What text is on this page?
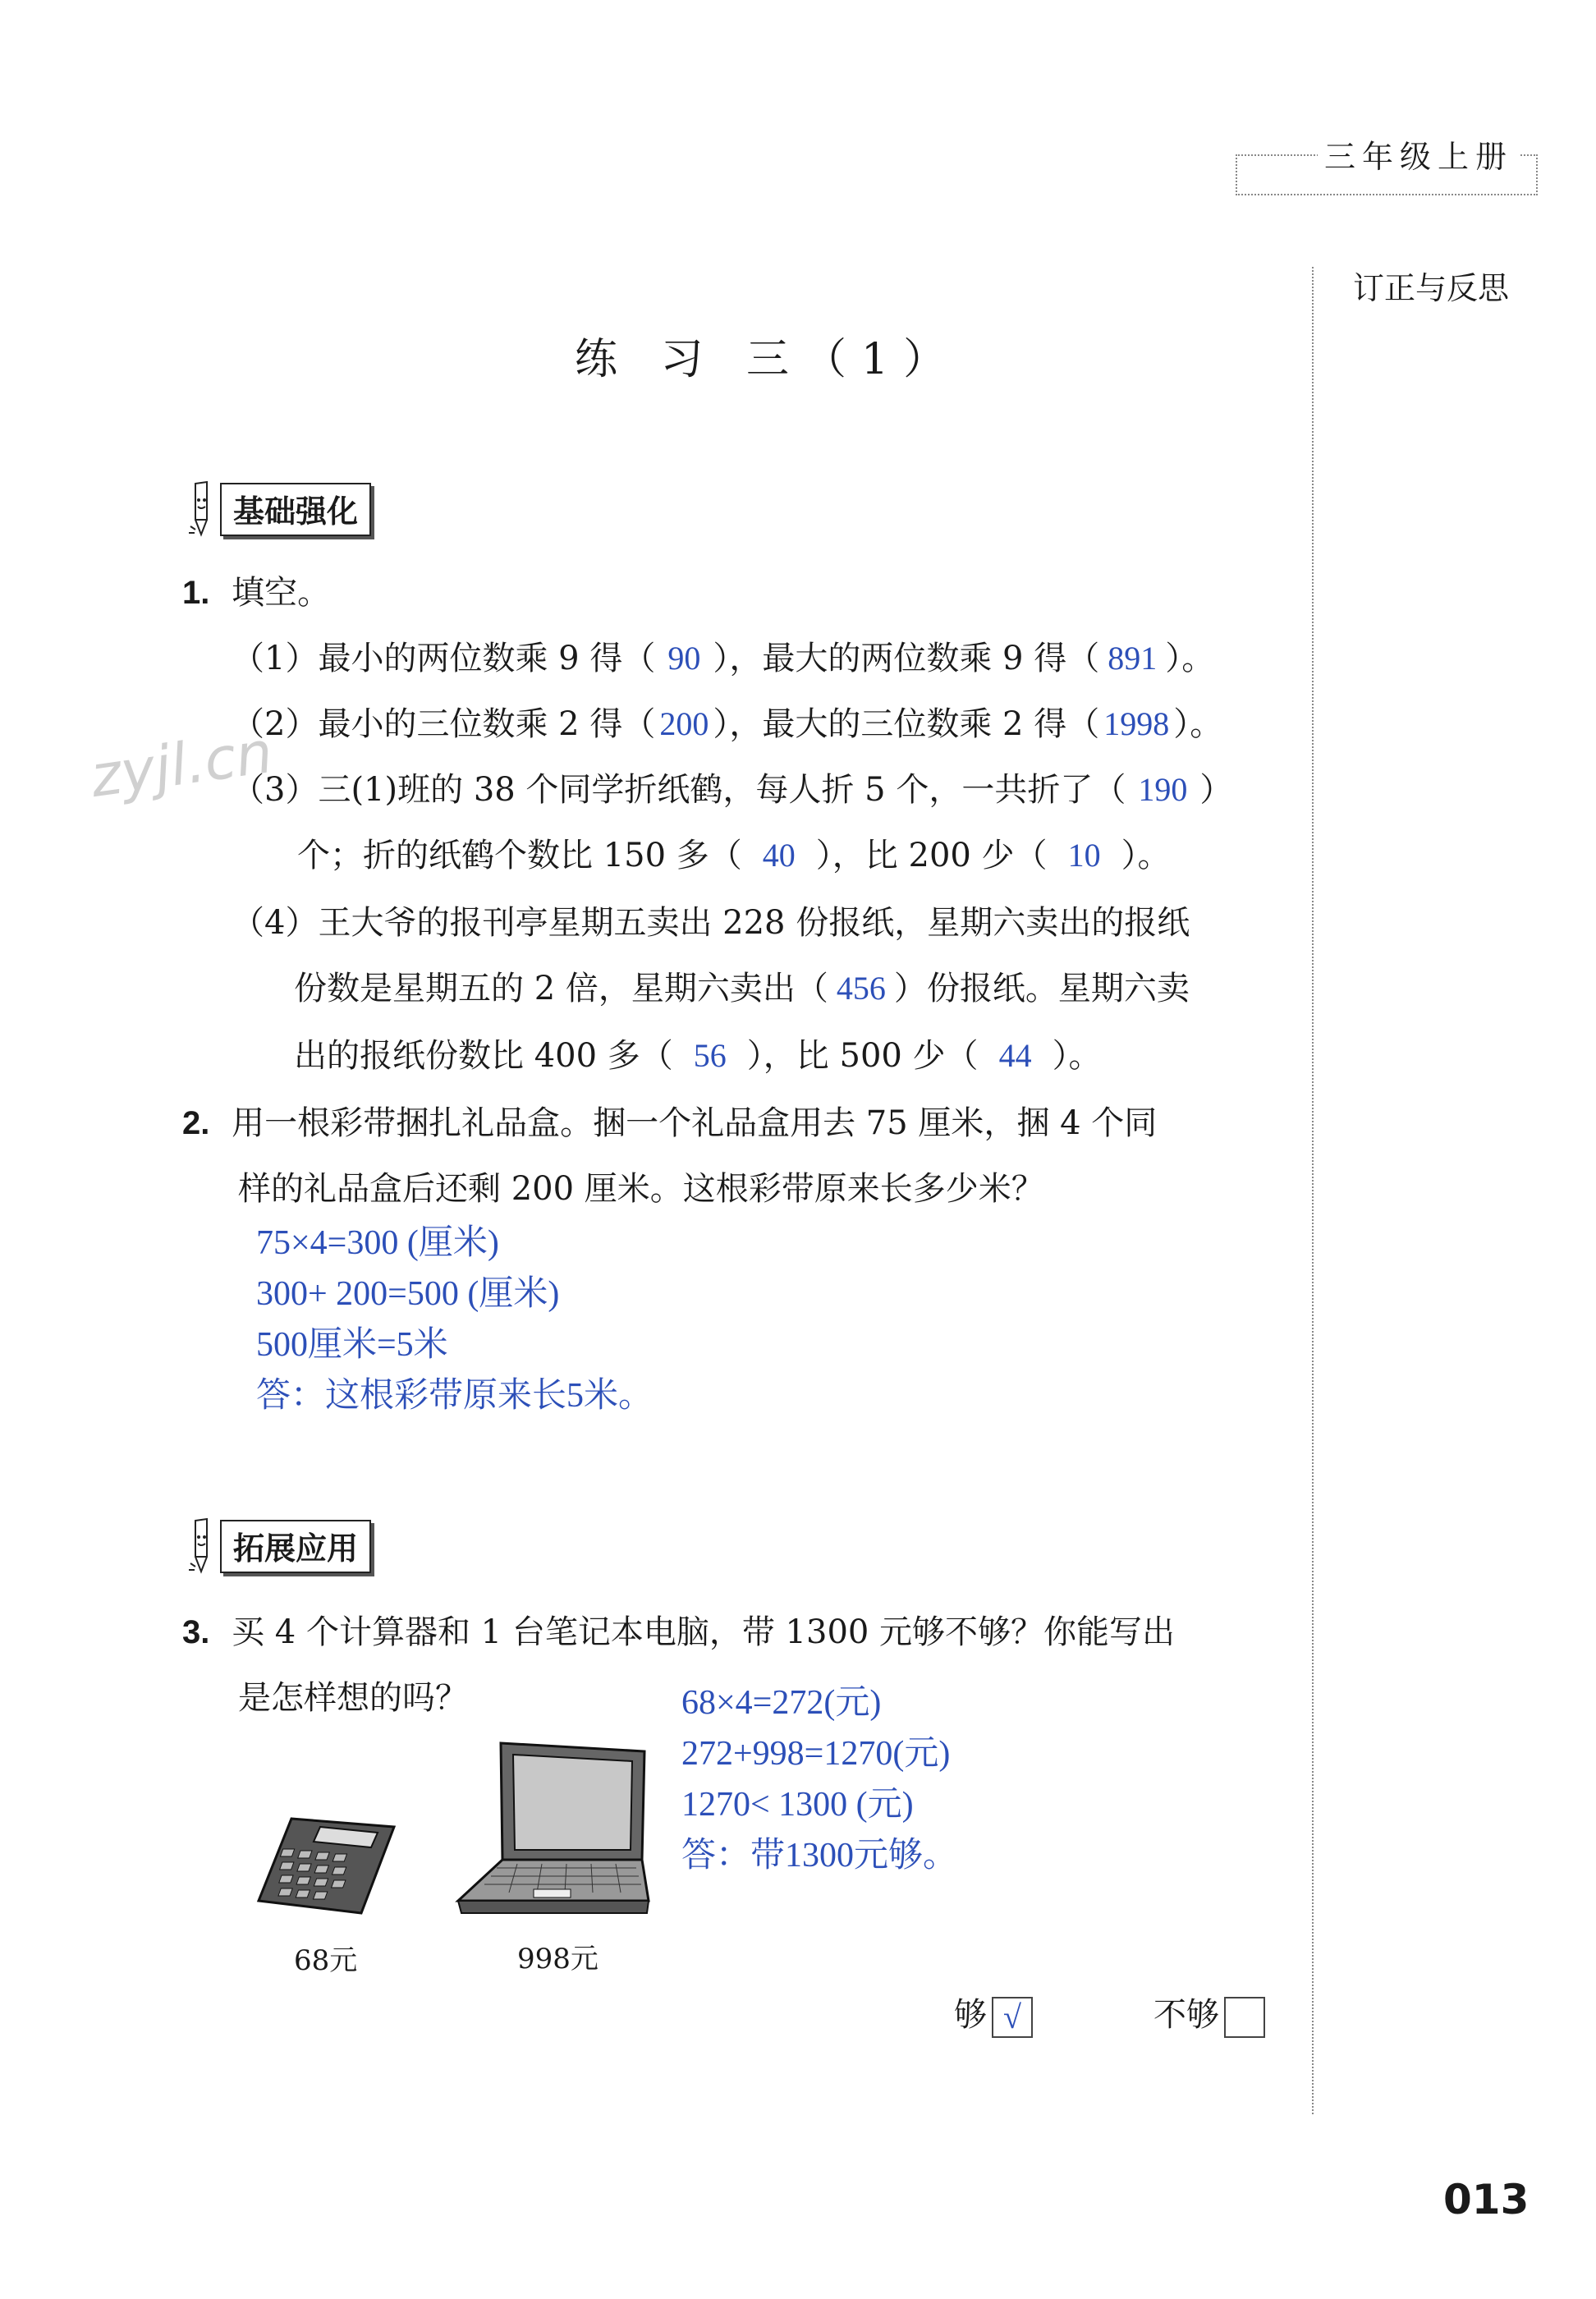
三年级上册
订正与反思
练 习 三（1）
zyjl.cn
基础强化
1. 填空。
（1）最小的两位数乘 9 得（ 90 ），最大的两位数乘 9 得（ 891 ）。
（2）最小的三位数乘 2 得（ 200 ），最大的三位数乘 2 得（ 1998 ）。
（3）三(1)班的 38 个同学折纸鹤，每人折 5 个，一共折了（ 190 ）
个；折的纸鹤个数比 150 多（ 40 ），比 200 少（ 10 ）。
（4）王大爷的报刊亭星期五卖出 228 份报纸，星期六卖出的报纸
份数是星期五的 2 倍，星期六卖出（ 456 ）份报纸。星期六卖
出的报纸份数比 400 多（ 56 ），比 500 少（ 44 ）。
2. 用一根彩带捆扎礼品盒。捆一个礼品盒用去 75 厘米，捆 4 个同
样的礼品盒后还剩 200 厘米。这根彩带原来长多少米？
75×4=300 (厘米)
300+ 200=500 (厘米)
500厘米=5米
答：这根彩带原来长5米。
拓展应用
3. 买 4 个计算器和 1 台笔记本电脑，带 1300 元够不够？你能写出
是怎样想的吗？	68×4=272(元)
272+998=1270(元)
1270< 1300 (元)
答：带1300元够。
68元	998元
够 √	不够
013
